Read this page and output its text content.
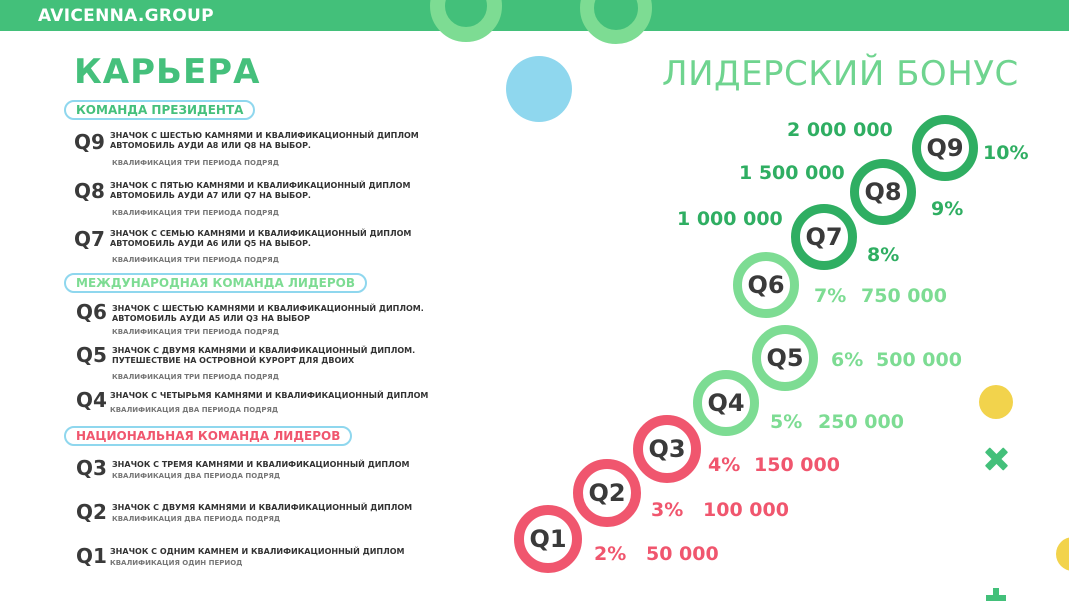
AVICENNA.GROUP
КАРЬЕРА	ЛИДЕРСКИЙ БОНУС
КОМАНДА ПРЕЗИДЕНТА
МЕЖДУНАРОДНАЯ КОМАНДА ЛИДЕРОВ
НАЦИОНАЛЬНАЯ КОМАНДА ЛИДЕРОВ
Q9 ЗНАЧОК С ШЕСТЬЮ КАМНЯМИ И КВАЛИФИКАЦИОННЫЙ ДИПЛОМ
АВТОМОБИЛЬ АУДИ А8 ИЛИ Q8 НА ВЫБОР.
КВАЛИФИКАЦИЯ ТРИ ПЕРИОДА ПОДРЯД
Q8 ЗНАЧОК С ПЯТЬЮ КАМНЯМИ И КВАЛИФИКАЦИОННЫЙ ДИПЛОМ
АВТОМОБИЛЬ АУДИ А7 ИЛИ Q7 НА ВЫБОР.
КВАЛИФИКАЦИЯ ТРИ ПЕРИОДА ПОДРЯД
Q7 ЗНАЧОК С СЕМЬЮ КАМНЯМИ И КВАЛИФИКАЦИОННЫЙ ДИПЛОМ
АВТОМОБИЛЬ АУДИ А6 ИЛИ Q5 НА ВЫБОР.
КВАЛИФИКАЦИЯ ТРИ ПЕРИОДА ПОДРЯД
Q6 ЗНАЧОК С ШЕСТЬЮ КАМНЯМИ И КВАЛИФИКАЦИОННЫЙ ДИПЛОМ.
АВТОМОБИЛЬ АУДИ А5 ИЛИ Q3 НА ВЫБОР
КВАЛИФИКАЦИЯ ТРИ ПЕРИОДА ПОДРЯД
Q5 ЗНАЧОК С ДВУМЯ КАМНЯМИ И КВАЛИФИКАЦИОННЫЙ ДИПЛОМ.
ПУТЕШЕСТВИЕ НА ОСТРОВНОЙ КУРОРТ ДЛЯ ДВОИХ
КВАЛИФИКАЦИЯ ТРИ ПЕРИОДА ПОДРЯД
Q4 ЗНАЧОК С ЧЕТЫРЬМЯ КАМНЯМИ И КВАЛИФИКАЦИОННЫЙ ДИПЛОМ
КВАЛИФИКАЦИЯ ДВА ПЕРИОДА ПОДРЯД
Q3 ЗНАЧОК С ТРЕМЯ КАМНЯМИ И КВАЛИФИКАЦИОННЫЙ ДИПЛОМ
КВАЛИФИКАЦИЯ ДВА ПЕРИОДА ПОДРЯД
Q2 ЗНАЧОК С ДВУМЯ КАМНЯМИ И КВАЛИФИКАЦИОННЫЙ ДИПЛОМ
КВАЛИФИКАЦИЯ ДВА ПЕРИОДА ПОДРЯД
Q1 ЗНАЧОК С ОДНИМ КАМНЕМ И КВАЛИФИКАЦИОННЫЙ ДИПЛОМ
КВАЛИФИКАЦИЯ ОДИН ПЕРИОД
Q9
Q8
Q7
Q6
Q5
Q4
Q3
Q2
Q1
2 000 000
10%
1 500 000
9%
1 000 000
8%
7% 750 000
6% 500 000
5% 250 000
4% 150 000
3% 100 000
2% 50 000
